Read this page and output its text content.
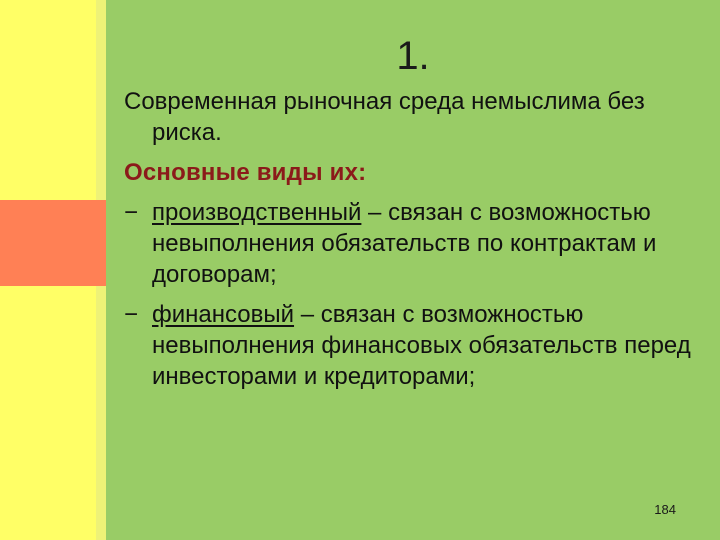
1.
Современная рыночная среда немыслима без риска.
Основные виды их:
− производственный – связан с возможностью невыполнения обязательств по контрактам и договорам;
− финансовый – связан с возможностью невыполнения финансовых обязательств перед инвесторами и кредиторами;
184
